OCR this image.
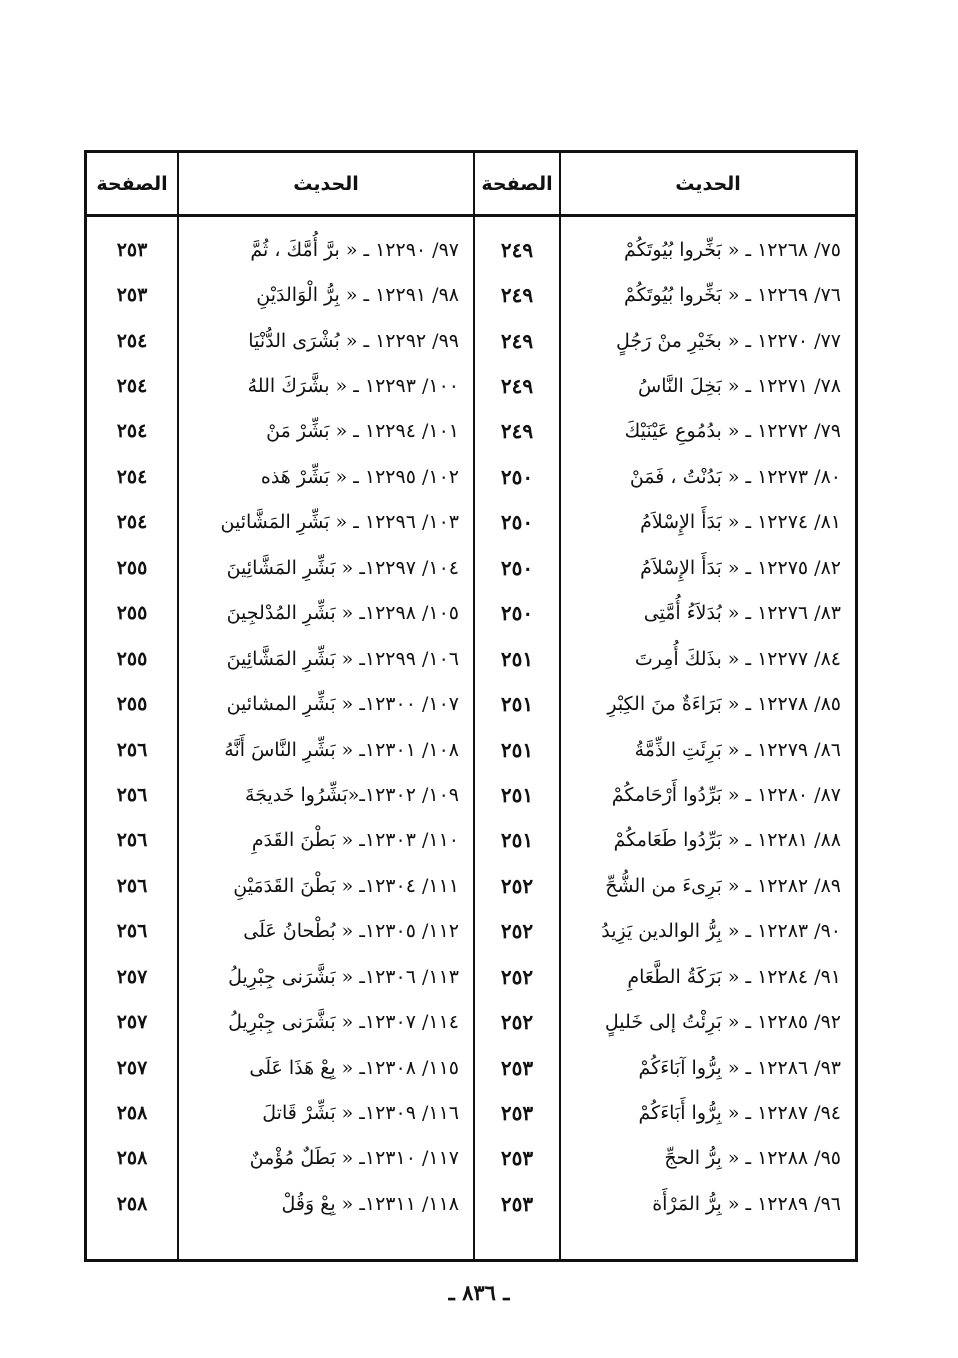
الحديث
٧٥/ ١٢٢٦٨ ـ « بَخِّروا بُيُوتَكُمْ
٧٦/ ١٢٢٦٩ ـ « بَخِّروا بُيُوتَكُمْ
٧٧/ ١٢٢٧٠ ـ « بخَيْرِ منْ رَجُلٍ
٧٨/ ١٢٢٧١ ـ « بَخِلَ النَّاسُ
٧٩/ ١٢٢٧٢ ـ « بدُمُوعِ عَيْنَيْكَ
٨٠/ ١٢٢٧٣ ـ « بَدُنْتُ ، فَمَنْ
٨١/ ١٢٢٧٤ ـ « بَدَأَ الإِسْلاَمُ
٨٢/ ١٢٢٧٥ ـ « بَدَأَ الإِسْلاَمُ
٨٣/ ١٢٢٧٦ ـ « بُدَلاَءُ أُمَّتِى
٨٤/ ١٢٢٧٧ ـ « بذَلكَ أُمِرتَ
٨٥/ ١٢٢٧٨ ـ « بَرَاءَةٌ منَ الكِبْرِ
٨٦/ ١٢٢٧٩ ـ « بَرِئَتِ الذِّمَّةُ
٨٧/ ١٢٢٨٠ ـ « بَرِّدُوا أَرْحَامكُمْ
٨٨/ ١٢٢٨١ ـ « بَرِّدُوا طَعَامكُمْ
٨٩/ ١٢٢٨٢ ـ « بَرِىءَ من الشُّحِّ
٩٠/ ١٢٢٨٣ ـ « بِرُّ الوالدين يَزِيدُ
٩١/ ١٢٢٨٤ ـ « بَرَكَةُ الطَّعَامِ
٩٢/ ١٢٢٨٥ ـ « بَرِئْتُ إلى خَليلٍ
٩٣/ ١٢٢٨٦ ـ « بِرُّوا آبَاءَكُمْ
٩٤/ ١٢٢٨٧ ـ « بِرُّوا أَبَاءَكُمْ
٩٥/ ١٢٢٨٨ ـ « بِرُّ الحجِّ
٩٦/ ١٢٢٨٩ ـ « بِرُّ المَرْأَة
الصفحة
٢٤٩
٢٤٩
٢٤٩
٢٤٩
٢٤٩
٢٥٠
٢٥٠
٢٥٠
٢٥٠
٢٥١
٢٥١
٢٥١
٢٥١
٢٥١
٢٥٢
٢٥٢
٢٥٢
٢٥٢
٢٥٣
٢٥٣
٢٥٣
٢٥٣
الحديث
٩٧/ ١٢٢٩٠ ـ « برَّ أُمَّكَ ، ثُمَّ
٩٨/ ١٢٢٩١ ـ « بِرُّ الْوَالدَيْنِ
٩٩/ ١٢٢٩٢ ـ « بُشْرَى الدُّنْيَا
١٠٠/ ١٢٢٩٣ ـ « بشَّرَكَ اللهُ
١٠١/ ١٢٢٩٤ ـ « بَشِّرْ مَنْ
١٠٢/ ١٢٢٩٥ ـ « بَشِّرْ هَذه
١٠٣/ ١٢٢٩٦ ـ « بَشِّرِ المَشَّائين
١٠٤/ ١٢٢٩٧ـ « بَشِّرِ المَشَّائِينَ
١٠٥/ ١٢٢٩٨ـ « بَشِّرِ المُدْلجِينَ
١٠٦/ ١٢٢٩٩ـ « بَشِّرِ المَشَّائِينَ
١٠٧/ ١٢٣٠٠ـ « بَشِّرِ المشائين
١٠٨/ ١٢٣٠١ـ « بَشِّرِ النَّاسَ أَنَّهُ
١٠٩/ ١٢٣٠٢ـ«بَشِّرُوا خَديجَةَ
١١٠/ ١٢٣٠٣ـ « بَطْنَ القَدَمِ
١١١/ ١٢٣٠٤ـ « بَطْنَ القَدَمَيْنِ
١١٢/ ١٢٣٠٥ـ « بُطْحانُ عَلَى
١١٣/ ١٢٣٠٦ـ « بَشَّرَنى جِبْرِيلُ
١١٤/ ١٢٣٠٧ـ « بَشَّرَنى جِبْرِيلُ
١١٥/ ١٢٣٠٨ـ « بِعْ هَذَا عَلَى
١١٦/ ١٢٣٠٩ـ « بَشِّرْ قَاتلَ
١١٧/ ١٢٣١٠ـ « بَطَلٌ مُؤْمنٌ
١١٨/ ١٢٣١١ـ « بِعْ وَقُلْ
الصفحة
٢٥٣
٢٥٣
٢٥٤
٢٥٤
٢٥٤
٢٥٤
٢٥٤
٢٥٥
٢٥٥
٢٥٥
٢٥٥
٢٥٦
٢٥٦
٢٥٦
٢٥٦
٢٥٦
٢٥٧
٢٥٧
٢٥٧
٢٥٨
٢٥٨
٢٥٨
ـ ٨٣٦ ـ
